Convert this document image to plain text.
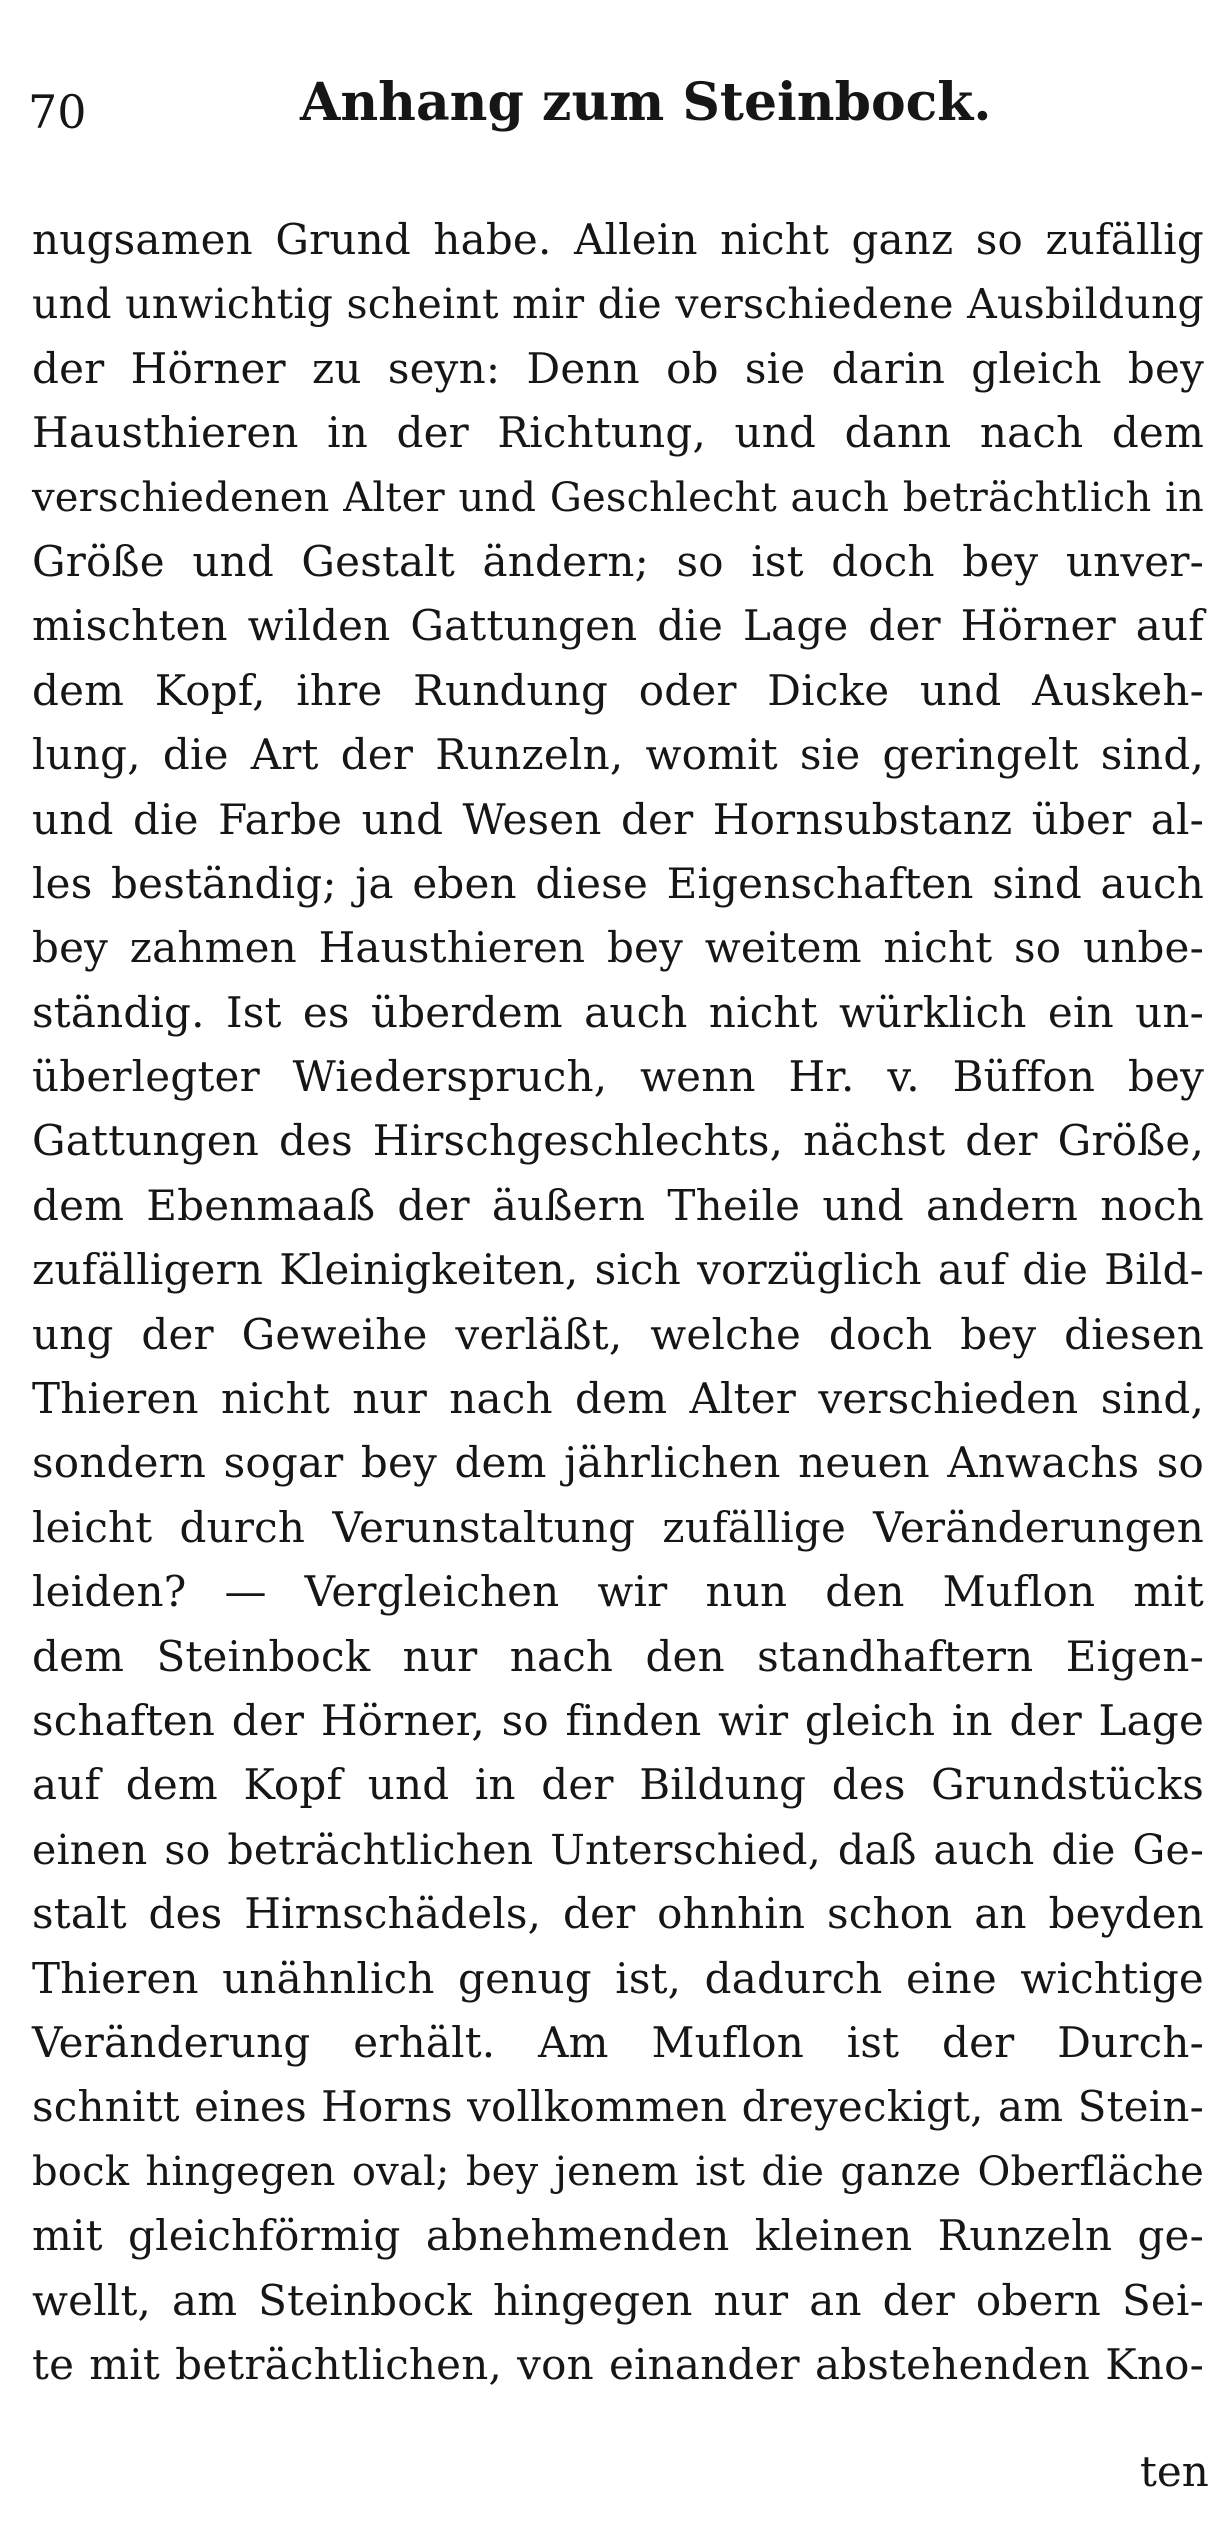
70	Anhang zum Steinbock.
nugsamen Grund habe. Allein nicht ganz so zufällig
und unwichtig scheint mir die verschiedene Ausbildung
der Hörner zu seyn: Denn ob sie darin gleich bey
Hausthieren in der Richtung, und dann nach dem
verschiedenen Alter und Geschlecht auch beträchtlich in
Größe und Gestalt ändern; so ist doch bey unver-
mischten wilden Gattungen die Lage der Hörner auf
dem Kopf, ihre Rundung oder Dicke und Auskeh-
lung, die Art der Runzeln, womit sie geringelt sind,
und die Farbe und Wesen der Hornsubstanz über al-
les beständig; ja eben diese Eigenschaften sind auch
bey zahmen Hausthieren bey weitem nicht so unbe-
ständig. Ist es überdem auch nicht würklich ein un-
überlegter Wiederspruch, wenn Hr. v. Büffon bey
Gattungen des Hirschgeschlechts, nächst der Größe,
dem Ebenmaaß der äußern Theile und andern noch
zufälligern Kleinigkeiten, sich vorzüglich auf die Bild-
ung der Geweihe verläßt, welche doch bey diesen
Thieren nicht nur nach dem Alter verschieden sind,
sondern sogar bey dem jährlichen neuen Anwachs so
leicht durch Verunstaltung zufällige Veränderungen
leiden? — Vergleichen wir nun den Muflon mit
dem Steinbock nur nach den standhaftern Eigen-
schaften der Hörner, so finden wir gleich in der Lage
auf dem Kopf und in der Bildung des Grundstücks
einen so beträchtlichen Unterschied, daß auch die Ge-
stalt des Hirnschädels, der ohnhin schon an beyden
Thieren unähnlich genug ist, dadurch eine wichtige
Veränderung erhält. Am Muflon ist der Durch-
schnitt eines Horns vollkommen dreyeckigt, am Stein-
bock hingegen oval; bey jenem ist die ganze Oberfläche
mit gleichförmig abnehmenden kleinen Runzeln ge-
wellt, am Steinbock hingegen nur an der obern Sei-
te mit beträchtlichen, von einander abstehenden Kno-
ten
